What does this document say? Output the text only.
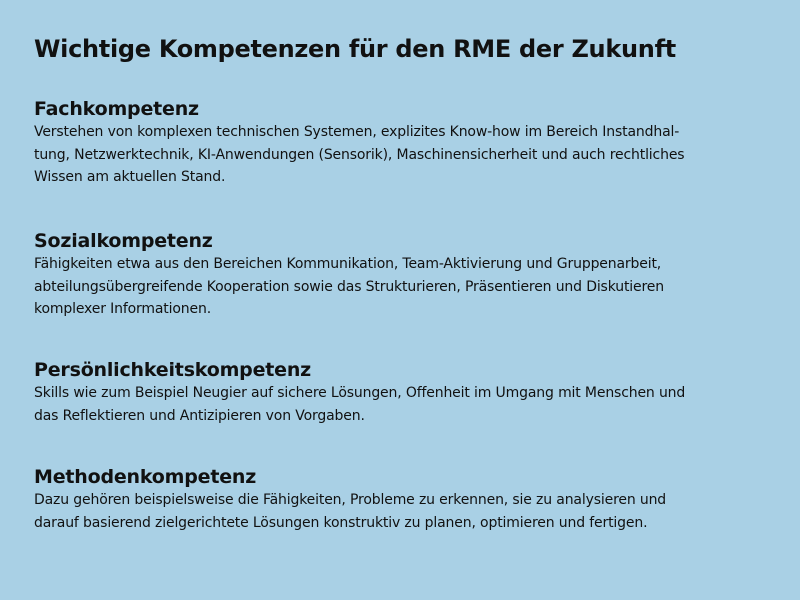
Wichtige Kompetenzen für den RME der Zukunft
Fachkompetenz
Verstehen von komplexen technischen Systemen, explizites Know-how im Bereich Instandhal-
tung, Netzwerktechnik, KI-Anwendungen (Sensorik), Maschinensicherheit und auch rechtliches
Wissen am aktuellen Stand.
Sozialkompetenz
Fähigkeiten etwa aus den Bereichen Kommunikation, Team-Aktivierung und Gruppenarbeit,
abteilungsübergreifende Kooperation sowie das Strukturieren, Präsentieren und Diskutieren
komplexer Informationen.
Persönlichkeitskompetenz
Skills wie zum Beispiel Neugier auf sichere Lösungen, Offenheit im Umgang mit Menschen und
das Reflektieren und Antizipieren von Vorgaben.
Methodenkompetenz
Dazu gehören beispielsweise die Fähigkeiten, Probleme zu erkennen, sie zu analysieren und
darauf basierend zielgerichtete Lösungen konstruktiv zu planen, optimieren und fertigen.
